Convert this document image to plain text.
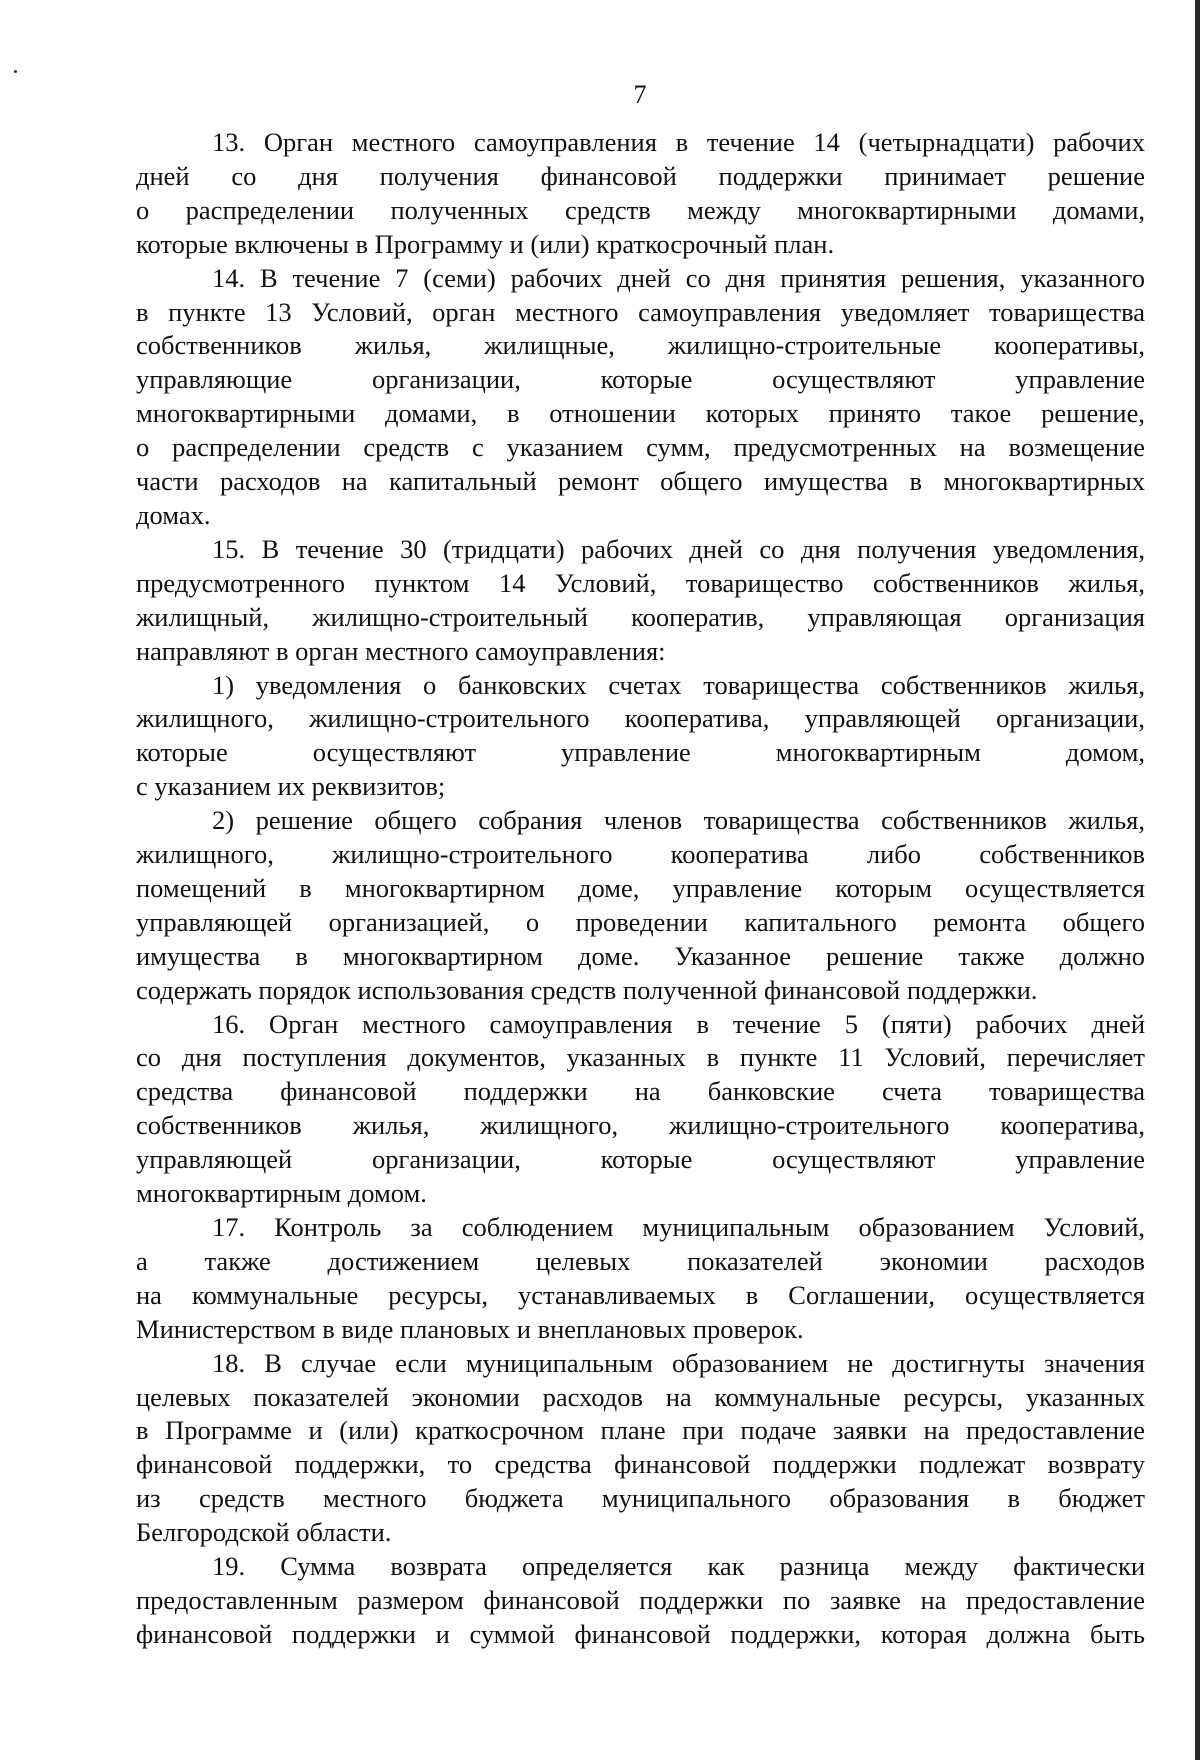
7
13. Орган местного самоуправления в течение 14 (четырнадцати) рабочих
дней со дня получения финансовой поддержки принимает решение
о распределении полученных средств между многоквартирными домами,
которые включены в Программу и (или) краткосрочный план.
14. В течение 7 (семи) рабочих дней со дня принятия решения, указанного
в пункте 13 Условий, орган местного самоуправления уведомляет товарищества
собственников жилья, жилищные, жилищно-строительные кооперативы,
управляющие организации, которые осуществляют управление
многоквартирными домами, в отношении которых принято такое решение,
о распределении средств с указанием сумм, предусмотренных на возмещение
части расходов на капитальный ремонт общего имущества в многоквартирных
домах.
15. В течение 30 (тридцати) рабочих дней со дня получения уведомления,
предусмотренного пунктом 14 Условий, товарищество собственников жилья,
жилищный, жилищно-строительный кооператив, управляющая организация
направляют в орган местного самоуправления:
1) уведомления о банковских счетах товарищества собственников жилья,
жилищного, жилищно-строительного кооператива, управляющей организации,
которые осуществляют управление многоквартирным домом,
с указанием их реквизитов;
2) решение общего собрания членов товарищества собственников жилья,
жилищного, жилищно-строительного кооператива либо собственников
помещений в многоквартирном доме, управление которым осуществляется
управляющей организацией, о проведении капитального ремонта общего
имущества в многоквартирном доме. Указанное решение также должно
содержать порядок использования средств полученной финансовой поддержки.
16. Орган местного самоуправления в течение 5 (пяти) рабочих дней
со дня поступления документов, указанных в пункте 11 Условий, перечисляет
средства финансовой поддержки на банковские счета товарищества
собственников жилья, жилищного, жилищно-строительного кооператива,
управляющей организации, которые осуществляют управление
многоквартирным домом.
17. Контроль за соблюдением муниципальным образованием Условий,
а также достижением целевых показателей экономии расходов
на коммунальные ресурсы, устанавливаемых в Соглашении, осуществляется
Министерством в виде плановых и внеплановых проверок.
18. В случае если муниципальным образованием не достигнуты значения
целевых показателей экономии расходов на коммунальные ресурсы, указанных
в Программе и (или) краткосрочном плане при подаче заявки на предоставление
финансовой поддержки, то средства финансовой поддержки подлежат возврату
из средств местного бюджета муниципального образования в бюджет
Белгородской области.
19. Сумма возврата определяется как разница между фактически
предоставленным размером финансовой поддержки по заявке на предоставление
финансовой поддержки и суммой финансовой поддержки, которая должна быть
